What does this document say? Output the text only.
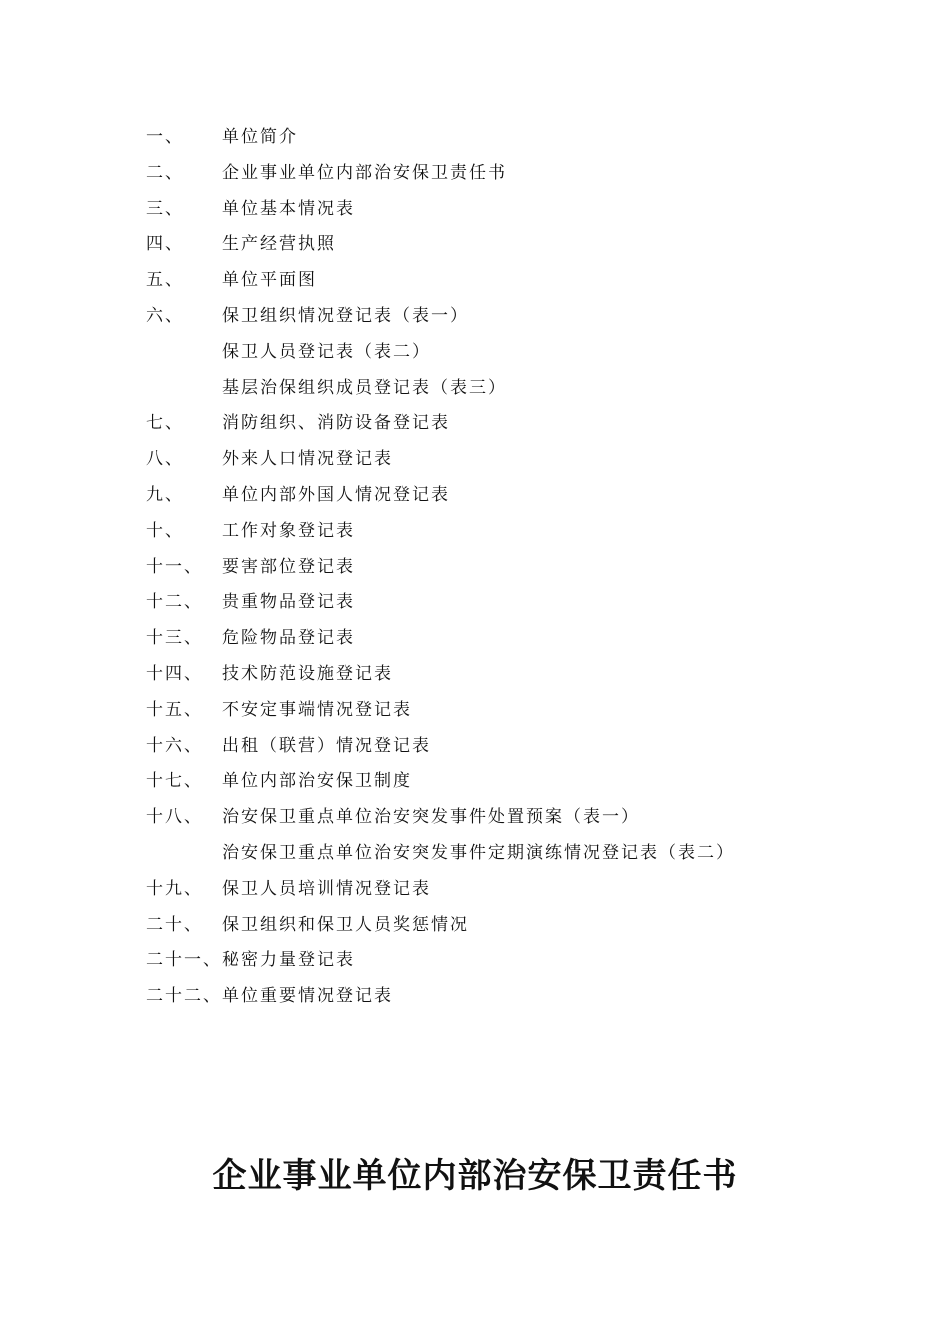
一、 单位简介
二、 企业事业单位内部治安保卫责任书
三、 单位基本情况表
四、 生产经营执照
五、 单位平面图
六、 保卫组织情况登记表（表一）
保卫人员登记表（表二）
基层治保组织成员登记表（表三）
七、 消防组织、消防设备登记表
八、 外来人口情况登记表
九、 单位内部外国人情况登记表
十、 工作对象登记表
十一、 要害部位登记表
十二、 贵重物品登记表
十三、 危险物品登记表
十四、 技术防范设施登记表
十五、 不安定事端情况登记表
十六、 出租（联营）情况登记表
十七、 单位内部治安保卫制度
十八、 治安保卫重点单位治安突发事件处置预案（表一）
治安保卫重点单位治安突发事件定期演练情况登记表（表二）
十九、 保卫人员培训情况登记表
二十、 保卫组织和保卫人员奖惩情况
二十一、秘密力量登记表
二十二、单位重要情况登记表
企业事业单位内部治安保卫责任书
